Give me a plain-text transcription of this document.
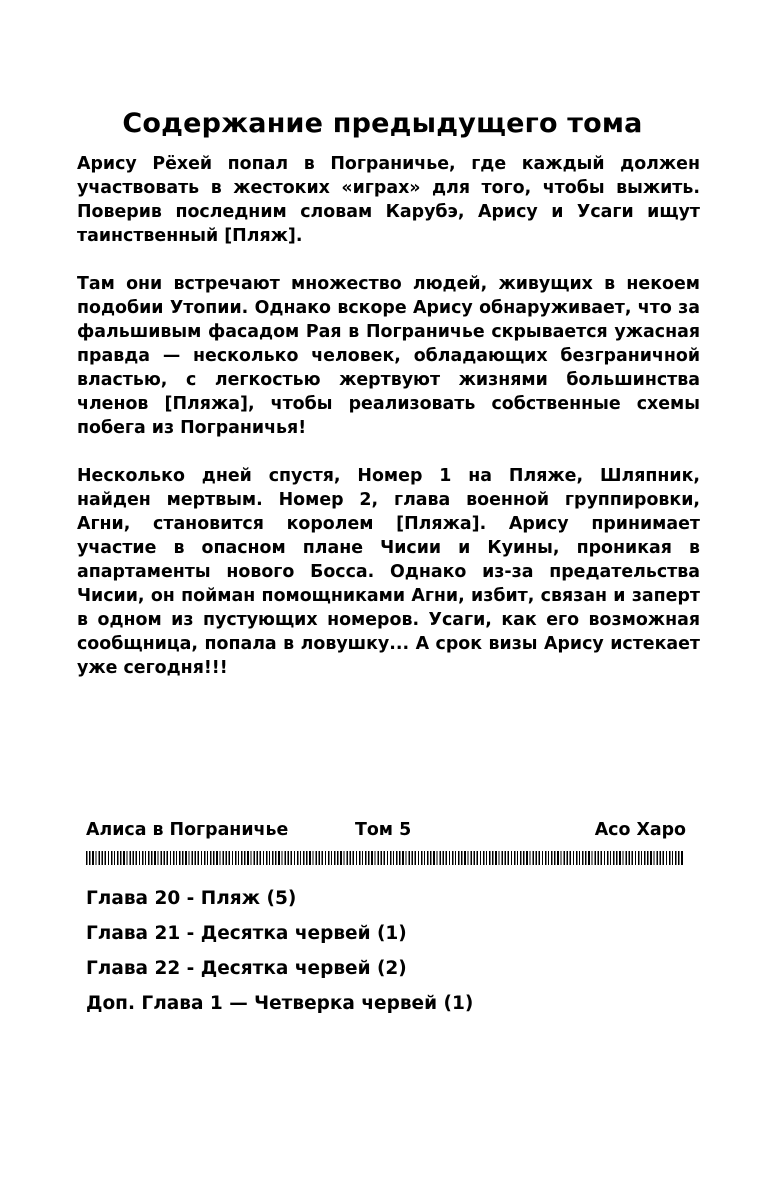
Содержание предыдущего тома

Арису Рёхей попал в Пограничье, где каждый должен участвовать в жестоких «играх» для того, чтобы выжить. Поверив последним словам Карубэ, Арису и Усаги ищут таинственный [Пляж].

Там они встречают множество людей, живущих в некоем подобии Утопии. Однако вскоре Арису обнаруживает, что за фальшивым фасадом Рая в Пограничье скрывается ужасная правда — несколько человек, обладающих безграничной властью, с легкостью жертвуют жизнями большинства членов [Пляжа], чтобы реализовать собственные схемы побега из Пограничья!

Несколько дней спустя, Номер 1 на Пляже, Шляпник, найден мертвым. Номер 2, глава военной группировки, Агни, становится королем [Пляжа]. Арису принимает участие в опасном плане Чисии и Куины, проникая в апартаменты нового Босса. Однако из-за предательства Чисии, он пойман помощниками Агни, избит, связан и заперт в одном из пустующих номеров. Усаги, как его возможная сообщница, попала в ловушку... А срок визы Арису истекает уже сегодня!!!

Алиса в Пограничье	Том 5	Асо Харо
Глава 20 - Пляж (5)
Глава 21 - Десятка червей (1)
Глава 22 - Десятка червей (2)
Доп. Глава 1 — Четверка червей (1)
